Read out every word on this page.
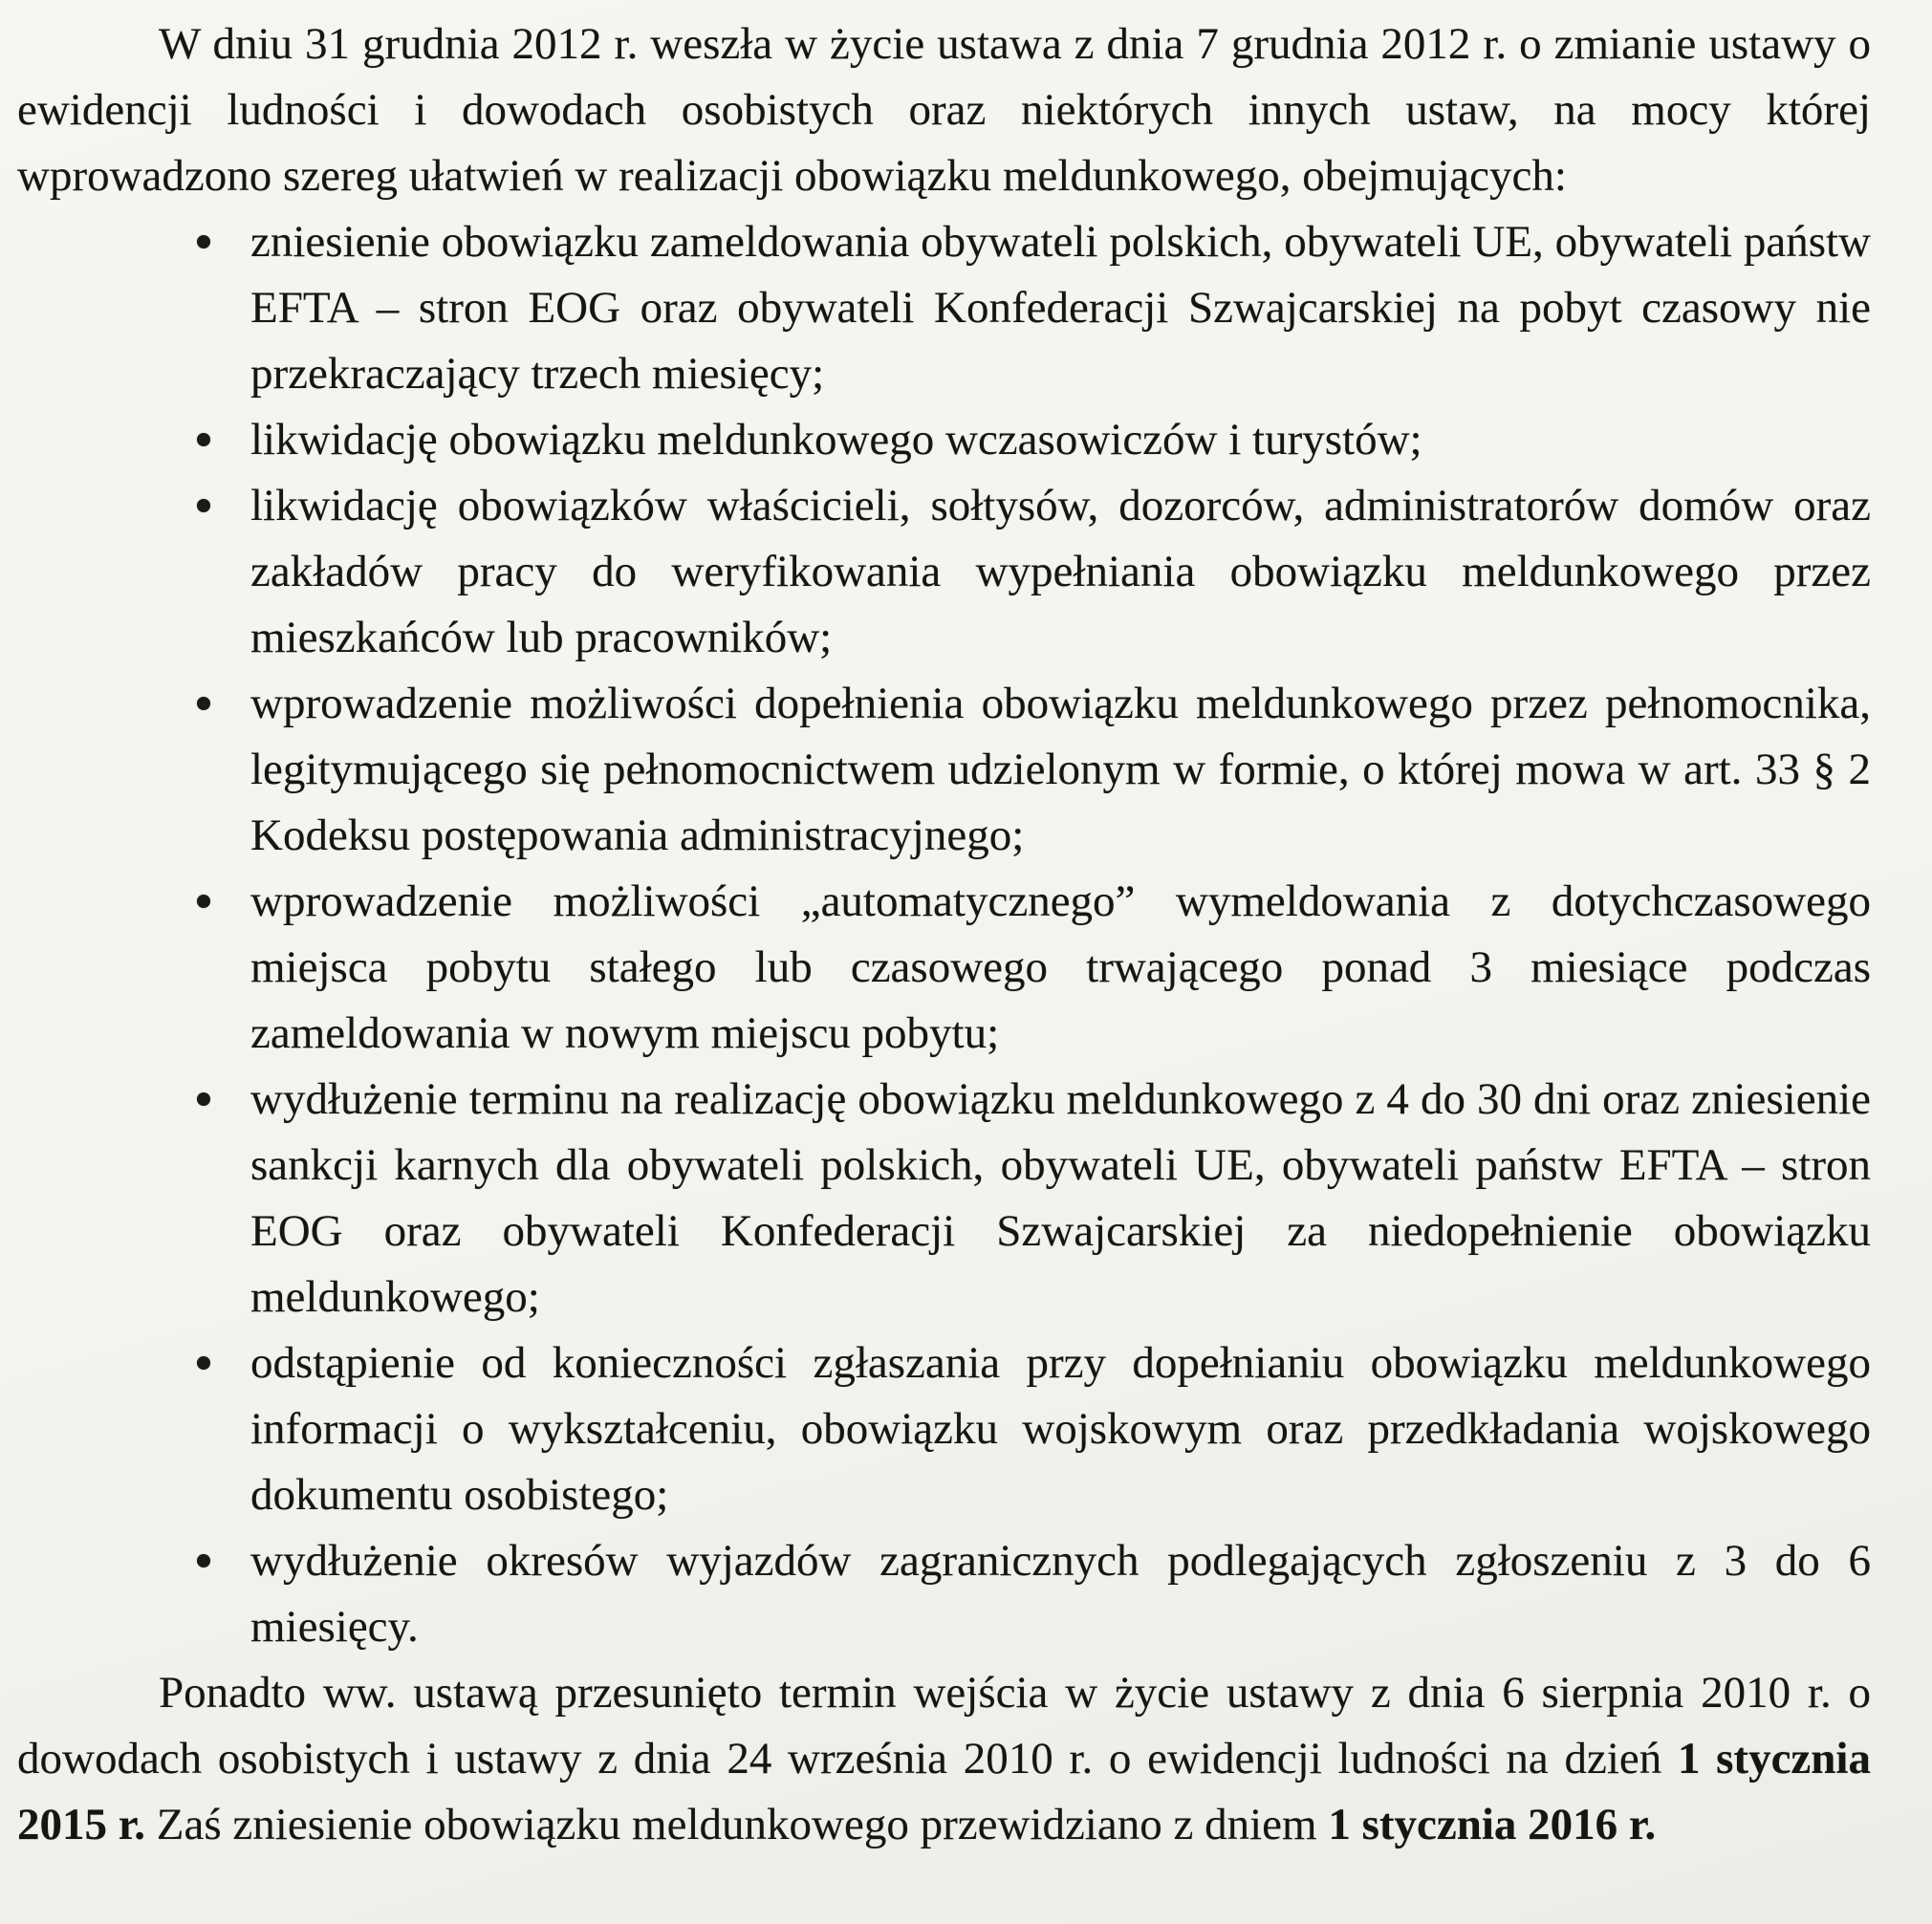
W dniu 31 grudnia 2012 r. weszła w życie ustawa z dnia 7 grudnia 2012 r. o zmianie ustawy o ewidencji ludności i dowodach osobistych oraz niektórych innych ustaw, na mocy której wprowadzono szereg ułatwień w realizacji obowiązku meldunkowego, obejmujących:

zniesienie obowiązku zameldowania obywateli polskich, obywateli UE, obywateli państw EFTA – stron EOG oraz obywateli Konfederacji Szwajcarskiej na pobyt czasowy nie przekraczający trzech miesięcy;
likwidację obowiązku meldunkowego wczasowiczów i turystów;
likwidację obowiązków właścicieli, sołtysów, dozorców, administratorów domów oraz zakładów pracy do weryfikowania wypełniania obowiązku meldunkowego przez mieszkańców lub pracowników;
wprowadzenie możliwości dopełnienia obowiązku meldunkowego przez pełnomocnika, legitymującego się pełnomocnictwem udzielonym w formie, o której mowa w art. 33 § 2 Kodeksu postępowania administracyjnego;
wprowadzenie możliwości „automatycznego” wymeldowania z dotychczasowego miejsca pobytu stałego lub czasowego trwającego ponad 3 miesiące podczas zameldowania w nowym miejscu pobytu;
wydłużenie terminu na realizację obowiązku meldunkowego z 4 do 30 dni oraz zniesienie sankcji karnych dla obywateli polskich, obywateli UE, obywateli państw EFTA – stron EOG oraz obywateli Konfederacji Szwajcarskiej za niedopełnienie obowiązku meldunkowego;
odstąpienie od konieczności zgłaszania przy dopełnianiu obowiązku meldunkowego informacji o wykształceniu, obowiązku wojskowym oraz przedkładania wojskowego dokumentu osobistego;
wydłużenie okresów wyjazdów zagranicznych podlegających zgłoszeniu z 3 do 6 miesięcy.

Ponadto ww. ustawą przesunięto termin wejścia w życie ustawy z dnia 6 sierpnia 2010 r. o dowodach osobistych i ustawy z dnia 24 września 2010 r. o ewidencji ludności na dzień 1 stycznia 2015 r. Zaś zniesienie obowiązku meldunkowego przewidziano z dniem 1 stycznia 2016 r.
